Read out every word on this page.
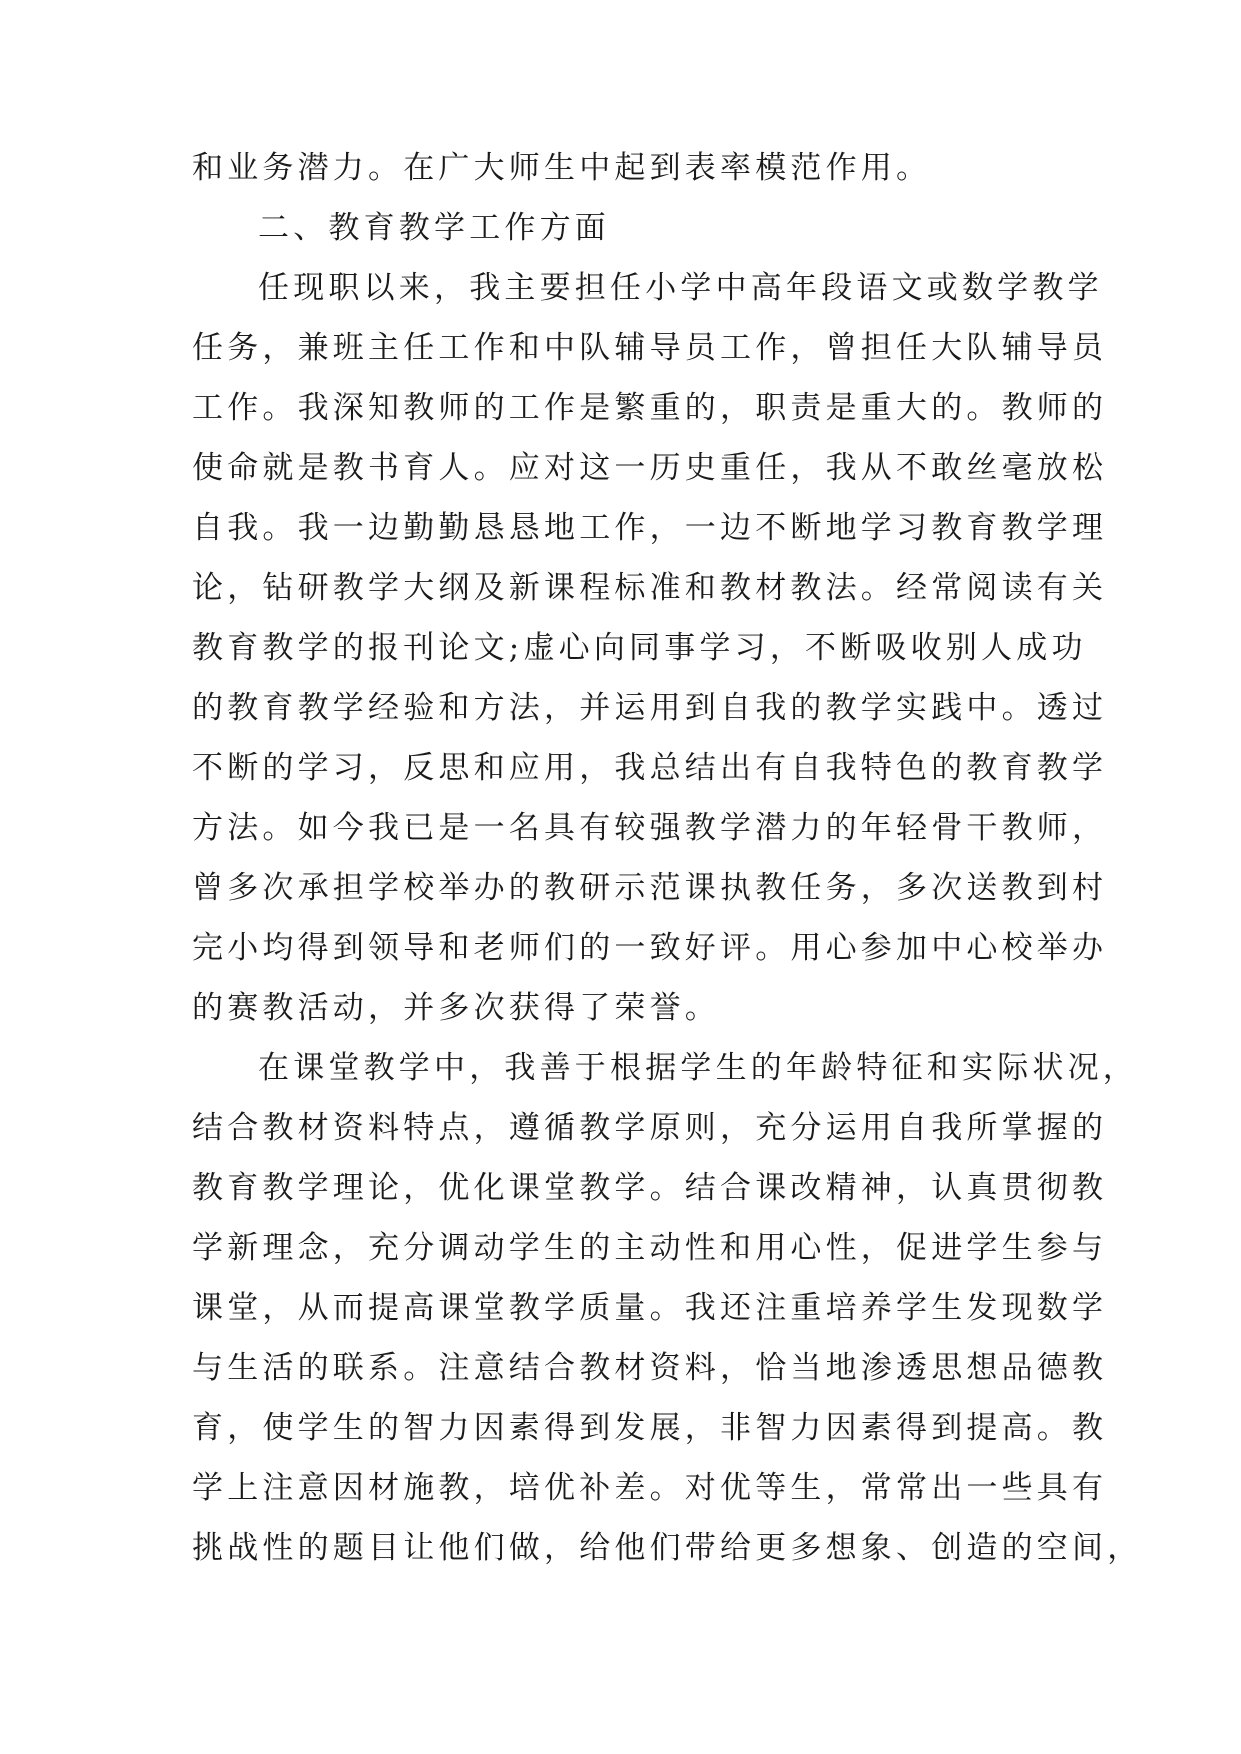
和业务潜力。在广大师生中起到表率模范作用。
二、教育教学工作方面
任现职以来，我主要担任小学中高年段语文或数学教学
任务，兼班主任工作和中队辅导员工作，曾担任大队辅导员
工作。我深知教师的工作是繁重的，职责是重大的。教师的
使命就是教书育人。应对这一历史重任，我从不敢丝毫放松
自我。我一边勤勤恳恳地工作，一边不断地学习教育教学理
论，钻研教学大纲及新课程标准和教材教法。经常阅读有关
教育教学的报刊论文;虚心向同事学习，不断吸收别人成功
的教育教学经验和方法，并运用到自我的教学实践中。透过
不断的学习，反思和应用，我总结出有自我特色的教育教学
方法。如今我已是一名具有较强教学潜力的年轻骨干教师，
曾多次承担学校举办的教研示范课执教任务，多次送教到村
完小均得到领导和老师们的一致好评。用心参加中心校举办
的赛教活动，并多次获得了荣誉。
在课堂教学中，我善于根据学生的年龄特征和实际状况，
结合教材资料特点，遵循教学原则，充分运用自我所掌握的
教育教学理论，优化课堂教学。结合课改精神，认真贯彻教
学新理念，充分调动学生的主动性和用心性，促进学生参与
课堂，从而提高课堂教学质量。我还注重培养学生发现数学
与生活的联系。注意结合教材资料，恰当地渗透思想品德教
育，使学生的智力因素得到发展，非智力因素得到提高。教
学上注意因材施教，培优补差。对优等生，常常出一些具有
挑战性的题目让他们做，给他们带给更多想象、创造的空间，
